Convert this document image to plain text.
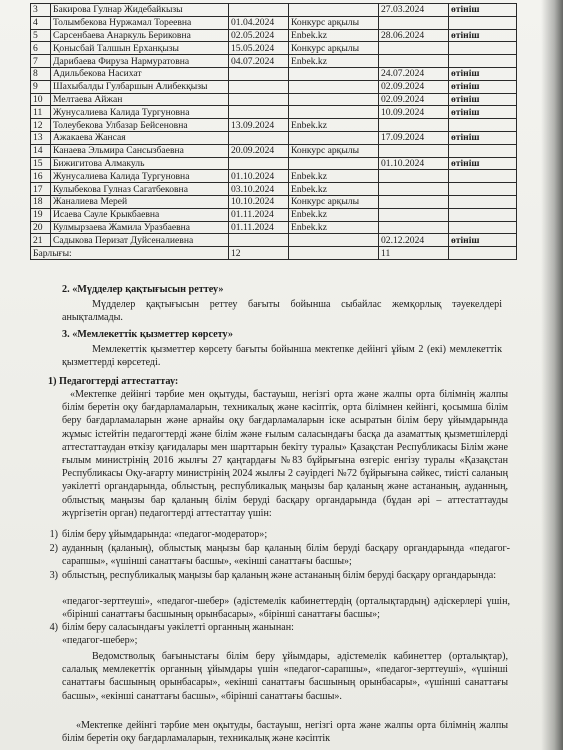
3	Бакирова Гулнар Жидебайкызы			27.03.2024	өтініш
4	Толымбекова Нуржамал Тореевна	01.04.2024	Конкурс арқылы		
5	Сарсенбаева Анаркуль Бериковна	02.05.2024	Enbek.kz	28.06.2024	өтініш
6	Қонысбай Талшын Ерханқызы	15.05.2024	Конкурс арқылы		
7	Дарибаева Фируза Нармуратовна	04.07.2024	Enbek.kz		
8	Адильбекова Насихат			24.07.2024	өтініш
9	Шахыбалды Гулбаршын Алибекқызы			02.09.2024	өтініш
10	Мелтаева Айжан			02.09.2024	өтініш
11	Жунусалиева Калида Тургуновна			10.09.2024	өтініш
12	Толеубекова Улбазар Бейсеновна	13.09.2024	Enbek.kz		
13	Ажакаева Жансая			17.09.2024	өтініш
14	Канаева Эльмира Сансызбаевна	20.09.2024	Конкурс арқылы		
15	Бижигитова Алмакуль			01.10.2024	өтініш
16	Жунусалиева Калида Тургуновна	01.10.2024	Enbek.kz		
17	Кулыбекова Гулназ Сагатбековна	03.10.2024	Enbek.kz		
18	Жаналиева Мерей	10.10.2024	Конкурс арқылы		
19	Исаева Сауле Крыкбаевна	01.11.2024	Enbek.kz		
20	Кулмырзаева Жамила Уразбаевна	01.11.2024	Enbek.kz		
21	Садыкова Перизат Дуйсеналиевна			02.12.2024	өтініш
Барлығы:		12		11	
2. «Мүдделер қақтығысын реттеу»
Мүдделер қақтығысын реттеу бағыты бойынша сыбайлас жемқорлық тәуекелдері анықталмады.
3. «Мемлекеттік қызметтер көрсету»
Мемлекеттік қызметтер көрсету бағыты бойынша мектепке дейінгі ұйым 2 (екі) мемлекеттік қызметтерді көрсетеді.
1) Педагогтерді аттестаттау:
«Мектепке дейінгі тәрбие мен оқытуды, бастауыш, негізгі орта және жалпы орта білімнің жалпы білім беретін оқу бағдарламаларын, техникалық және кәсіптік, орта білімнен кейінгі, қосымша білім беру бағдарламаларын және арнайы оқу бағдарламаларын іске асыратын білім беру ұйымдарында жұмыс істейтін педагогтерді және білім және ғылым саласындағы басқа да азаматтық қызметшілерді аттестаттаудан өткізу қағидалары мен шарттарын бекіту туралы» Қазақстан Республикасы Білім және ғылым министрінің 2016 жылғы 27 қаңтардағы №83 бұйрығына өзгеріс енгізу туралы «Қазақстан Республикасы Оқу-ағарту министрінің 2024 жылғы 2 сәуірдегі №72 бұйрығына сәйкес, тиісті саланың уәкілетті органдарында, облыстың, республикалық маңызы бар қаланың және астананың, ауданның, облыстық маңызы бар қаланың білім беруді басқару органдарында (бұдан әрі – аттестаттауды жүргізетін орган) педагогтерді аттестаттау үшін:
1) білім беру ұйымдарында: «педагог-модератор»;
2) ауданның (қаланың), облыстық маңызы бар қаланың білім беруді басқару органдарында «педагог-сарапшы», «үшінші санаттағы басшы», «екінші санаттағы басшы»;
3) облыстың, республикалық маңызы бар қаланың және астананың білім беруді басқару органдарында:
«педагог-зерттеуші», «педагог-шебер» (әдістемелік кабинеттердің (орталықтардың) әдіскерлері үшін, «бірінші санаттағы басшының орынбасары», «бірінші санаттағы басшы»;
4) білім беру саласындағы уәкілетті органның жанынан:
«педагог-шебер»;
Ведомстволық бағыныстағы білім беру ұйымдары, әдістемелік кабинеттер (орталықтар), салалық мемлекеттік органның ұйымдары үшін «педагог-сарапшы», «педагог-зерттеуші», «үшінші санаттағы басшының орынбасары», «екінші санаттағы басшының орынбасары», «үшінші санаттағы басшы», «екінші санаттағы басшы», «бірінші санаттағы басшы».
«Мектепке дейінгі тәрбие мен оқытуды, бастауыш, негізгі орта және жалпы орта білімнің жалпы білім беретін оқу бағдарламаларын, техникалық және кәсіптік
